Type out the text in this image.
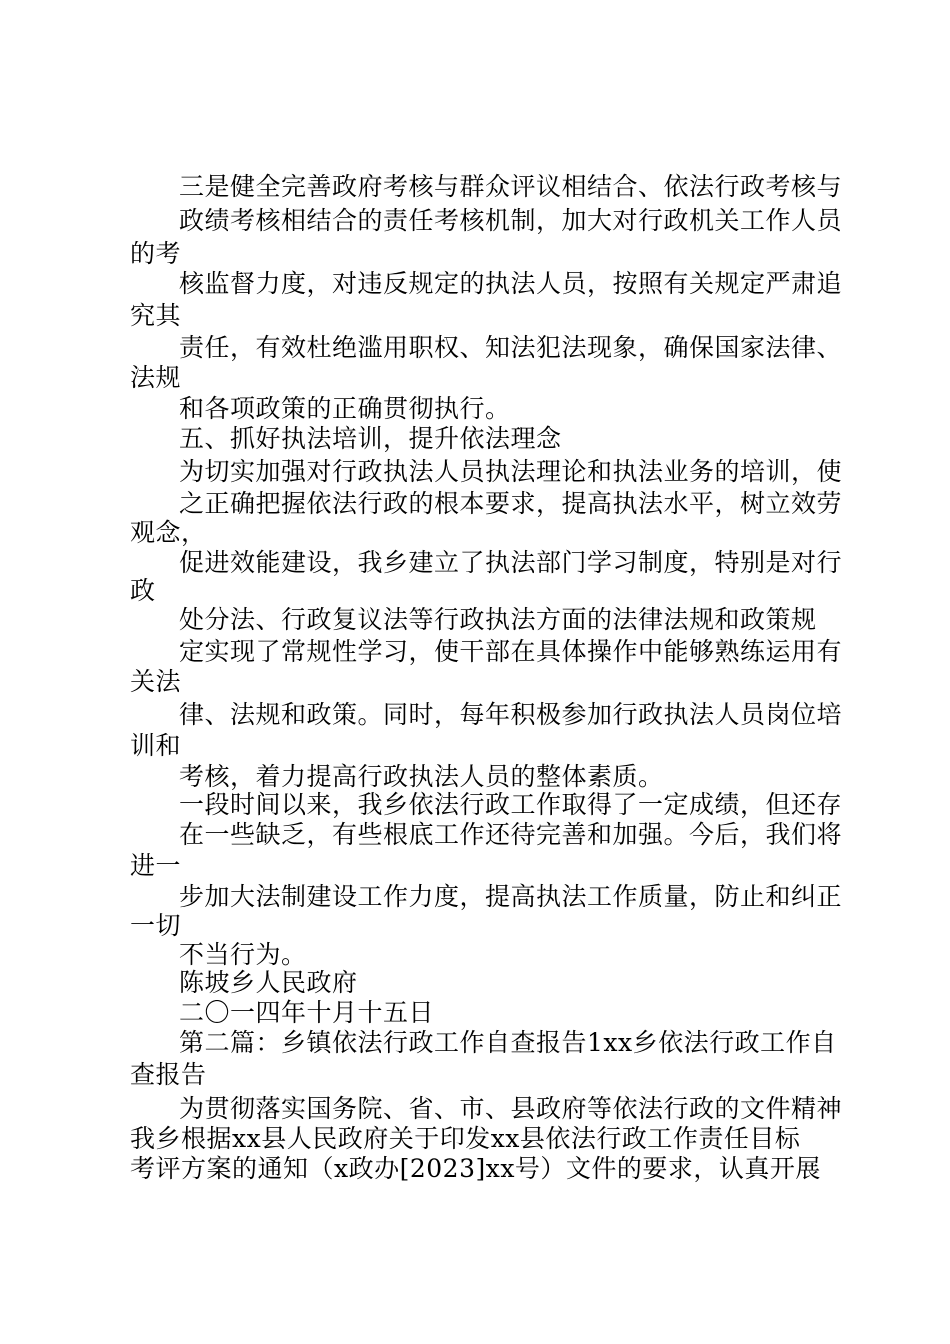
三是健全完善政府考核与群众评议相结合、依法行政考核与
政绩考核相结合的责任考核机制，加大对行政机关工作人员
的考
核监督力度，对违反规定的执法人员，按照有关规定严肃追
究其
责任，有效杜绝滥用职权、知法犯法现象，确保国家法律、
法规
和各项政策的正确贯彻执行。
五、抓好执法培训，提升依法理念
为切实加强对行政执法人员执法理论和执法业务的培训，使
之正确把握依法行政的根本要求，提高执法水平，树立效劳
观念，
促进效能建设，我乡建立了执法部门学习制度，特别是对行
政
处分法、行政复议法等行政执法方面的法律法规和政策规
定实现了常规性学习，使干部在具体操作中能够熟练运用有
关法
律、法规和政策。同时，每年积极参加行政执法人员岗位培
训和
考核，着力提高行政执法人员的整体素质。
一段时间以来，我乡依法行政工作取得了一定成绩，但还存
在一些缺乏，有些根底工作还待完善和加强。今后，我们将
进一
步加大法制建设工作力度，提高执法工作质量，防止和纠正
一切
不当行为。
陈坡乡人民政府
二〇一四年十月十五日
第二篇：乡镇依法行政工作自查报告1xx乡依法行政工作自
查报告
为贯彻落实国务院、省、市、县政府等依法行政的文件精神
我乡根据xx县人民政府关于印发xx县依法行政工作责任目标
考评方案的通知（x政办[2023]xx号）文件的要求，认真开展
